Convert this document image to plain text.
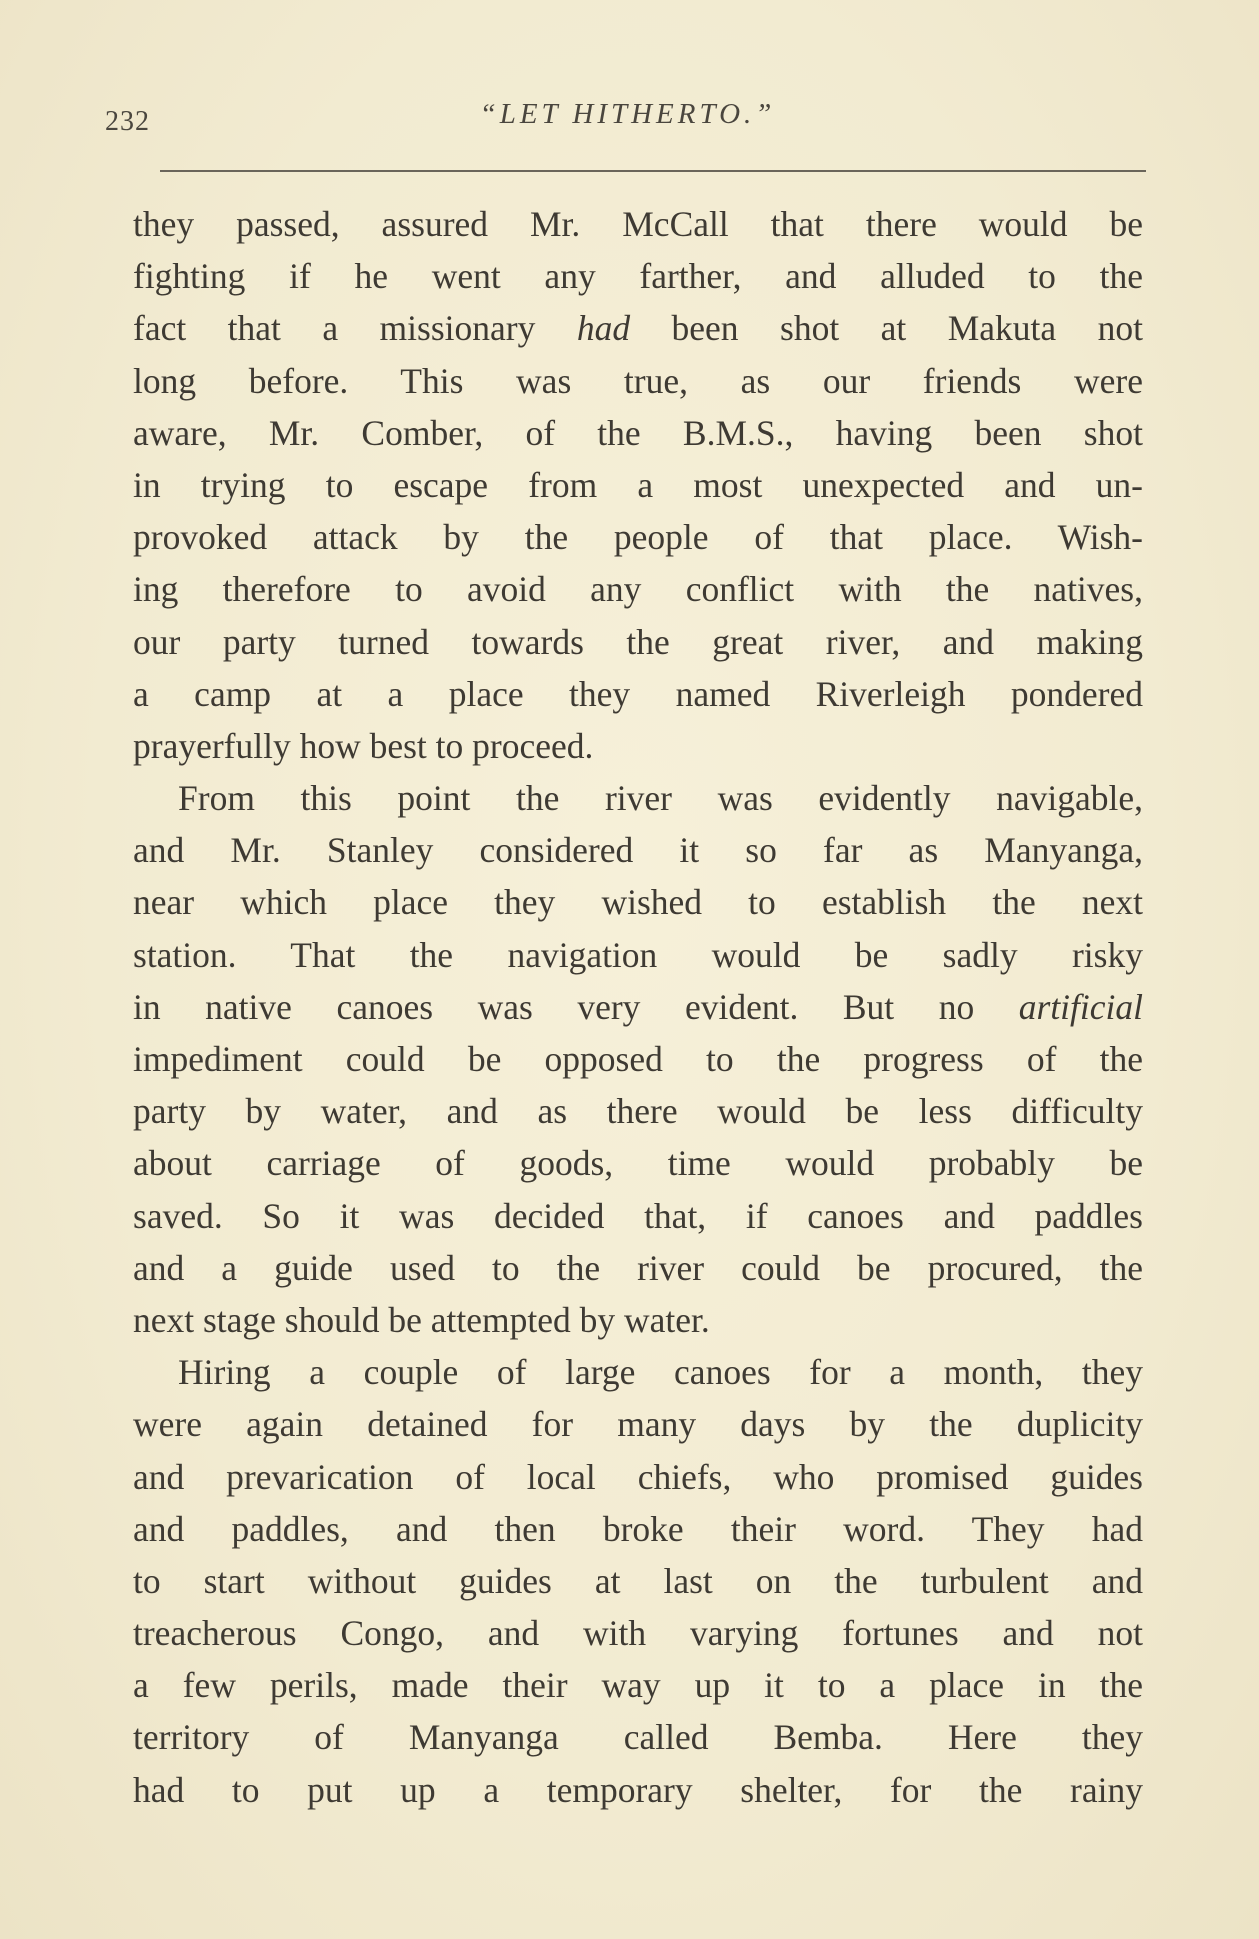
232	“LET HITHERTO.”
they passed, assured Mr. McCall that there would be
fighting if he went any farther, and alluded to the
fact that a missionary had been shot at Makuta not
long before. This was true, as our friends were
aware, Mr. Comber, of the B.M.S., having been shot
in trying to escape from a most unexpected and un-
provoked attack by the people of that place. Wish-
ing therefore to avoid any conflict with the natives,
our party turned towards the great river, and making
a camp at a place they named Riverleigh pondered
prayerfully how best to proceed.
From this point the river was evidently navigable,
and Mr. Stanley considered it so far as Manyanga,
near which place they wished to establish the next
station. That the navigation would be sadly risky
in native canoes was very evident. But no artificial
impediment could be opposed to the progress of the
party by water, and as there would be less difficulty
about carriage of goods, time would probably be
saved. So it was decided that, if canoes and paddles
and a guide used to the river could be procured, the
next stage should be attempted by water.
Hiring a couple of large canoes for a month, they
were again detained for many days by the duplicity
and prevarication of local chiefs, who promised guides
and paddles, and then broke their word. They had
to start without guides at last on the turbulent and
treacherous Congo, and with varying fortunes and not
a few perils, made their way up it to a place in the
territory of Manyanga called Bemba. Here they
had to put up a temporary shelter, for the rainy
